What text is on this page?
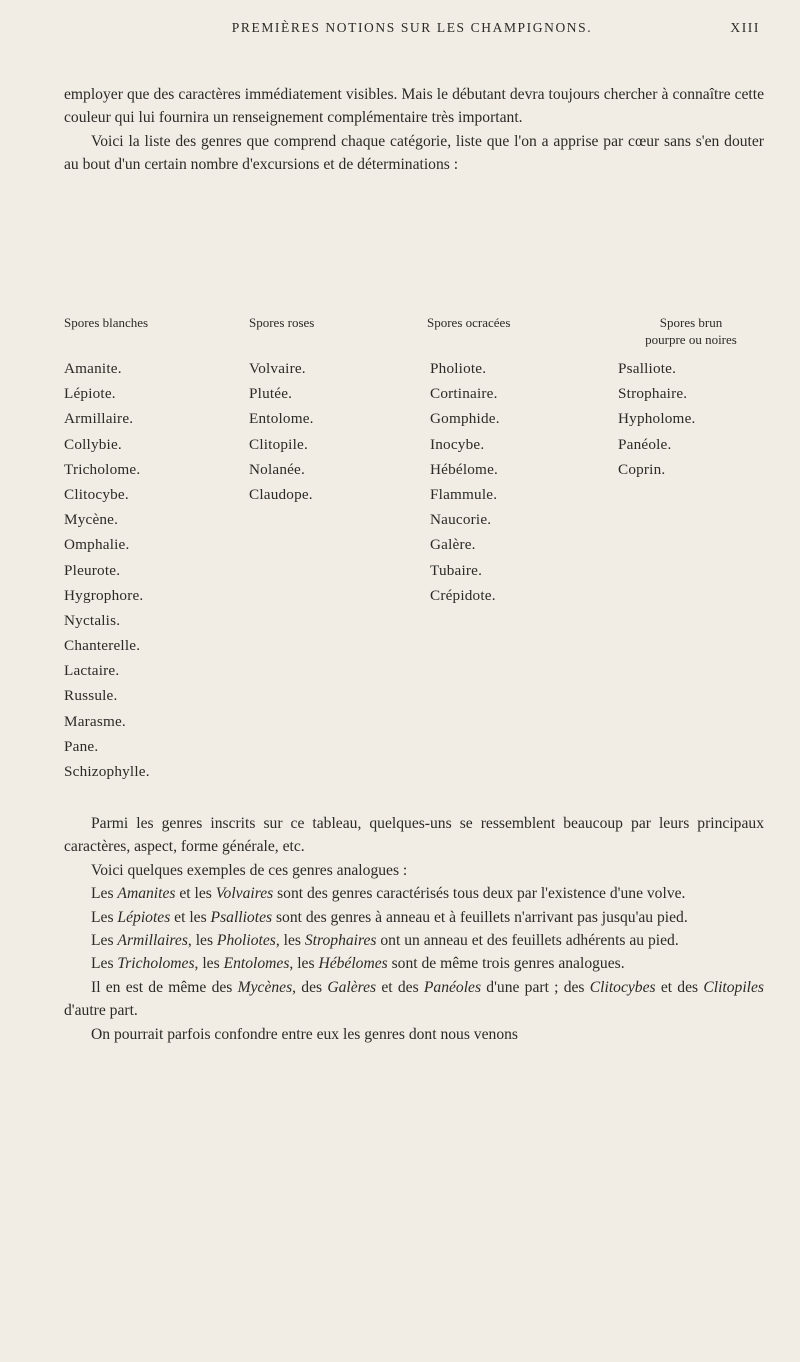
PREMIÈRES NOTIONS SUR LES CHAMPIGNONS.	XIII

employer que des caractères immédiatement visibles. Mais le débutant devra toujours chercher à connaître cette couleur qui lui fournira un renseignement complémentaire très important.

Voici la liste des genres que comprend chaque catégorie, liste que l'on a apprise par cœur sans s'en douter au bout d'un certain nombre d'excursions et de déterminations :

Spores blanches
Amanite.
Lépiote.
Armillaire.
Collybie.
Tricholome.
Clitocybe.
Mycène.
Omphalie.
Pleurote.
Hygrophore.
Nyctalis.
Chanterelle.
Lactaire.
Russule.
Marasme.
Pane.
Schizophylle.
Spores roses
Volvaire.
Plutée.
Entolome.
Clitopile.
Nolanée.
Claudope.
Spores ocracées
Pholiote.
Cortinaire.
Gomphide.
Inocybe.
Hébélome.
Flammule.
Naucorie.
Galère.
Tubaire.
Crépidote.
Spores brun
pourpre ou noires
Psalliote.
Strophaire.
Hypholome.
Panéole.
Coprin.

Parmi les genres inscrits sur ce tableau, quelques-uns se ressemblent beaucoup par leurs principaux caractères, aspect, forme générale, etc.

Voici quelques exemples de ces genres analogues :

Les Amanites et les Volvaires sont des genres caractérisés tous deux par l'existence d'une volve.

Les Lépiotes et les Psalliotes sont des genres à anneau et à feuillets n'arrivant pas jusqu'au pied.

Les Armillaires, les Pholiotes, les Strophaires ont un anneau et des feuillets adhérents au pied.

Les Tricholomes, les Entolomes, les Hébélomes sont de même trois genres analogues.

Il en est de même des Mycènes, des Galères et des Panéoles d'une part ; des Clitocybes et des Clitopiles d'autre part.

On pourrait parfois confondre entre eux les genres dont nous venons
